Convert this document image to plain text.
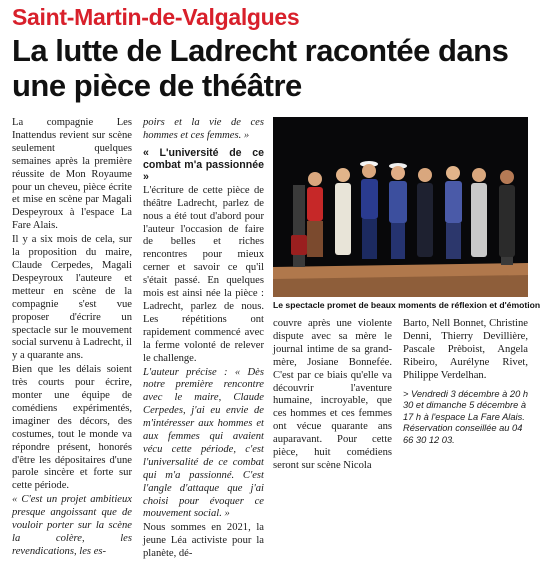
Saint-Martin-de-Valgalgues
La lutte de Ladrecht racontée dans une pièce de théâtre

La compagnie Les Inattendus revient sur scène seulement quelques semaines après la première réussite de Mon Royaume pour un cheveu, pièce écrite et mise en scène par Magali Despeyroux à l'espace La Fare Alais.

Il y a six mois de cela, sur la proposition du maire, Claude Cerpedes, Magali Despeyroux l'auteure et metteur en scène de la compagnie s'est vue proposer d'écrire un spectacle sur le mouvement social survenu à Ladrecht, il y a quarante ans.

Bien que les délais soient très courts pour écrire, monter une équipe de comédiens expérimentés, imaginer des décors, des costumes, tout le monde va répondre présent, honorés d'être les dépositaires d'une parole sincère et forte sur cette période.

« C'est un projet ambitieux presque angoissant que de vouloir porter sur la scène la colère, les revendications, les es-

poirs et la vie de ces hommes et ces femmes. »

« L'université de ce combat m'a passionnée »

L'écriture de cette pièce de théâtre Ladrecht, parlez de nous a été tout d'abord pour l'auteur l'occasion de faire de belles et riches rencontres pour mieux cerner et savoir ce qu'il s'était passé. En quelques mois est ainsi née la pièce : Ladrecht, parlez de nous. Les répétitions ont rapidement commencé avec la ferme volonté de relever le challenge.

L'auteur précise : « Dès notre première rencontre avec le maire, Claude Cerpedes, j'ai eu envie de m'intéresser aux hommes et aux femmes qui avaient vécu cette période, c'est l'universalité de ce combat qui m'a passionné. C'est l'angle d'attaque que j'ai choisi pour évoquer ce mouvement social. »

Nous sommes en 2021, la jeune Léa activiste pour la planète, dé-

Le spectacle promet de beaux moments de réflexion et d'émotion

couvre après une violente dispute avec sa mère le journal intime de sa grand-mère, Josiane Bonnefée. C'est par ce biais qu'elle va découvrir l'aventure humaine, incroyable, que ces hommes et ces femmes ont vécue quarante ans auparavant. Pour cette pièce, huit comédiens seront sur scène Nicola

Barto, Nell Bonnet, Christine Denni, Thierry Devillière, Pascale Prèboist, Angela Ribeiro, Aurélyne Rivet, Philippe Verdelhan.

> Vendredi 3 décembre à 20 h 30 et dimanche 5 décembre à 17 h à l'espace La Fare Alais. Réservation conseillée au 04 66 30 12 03.
